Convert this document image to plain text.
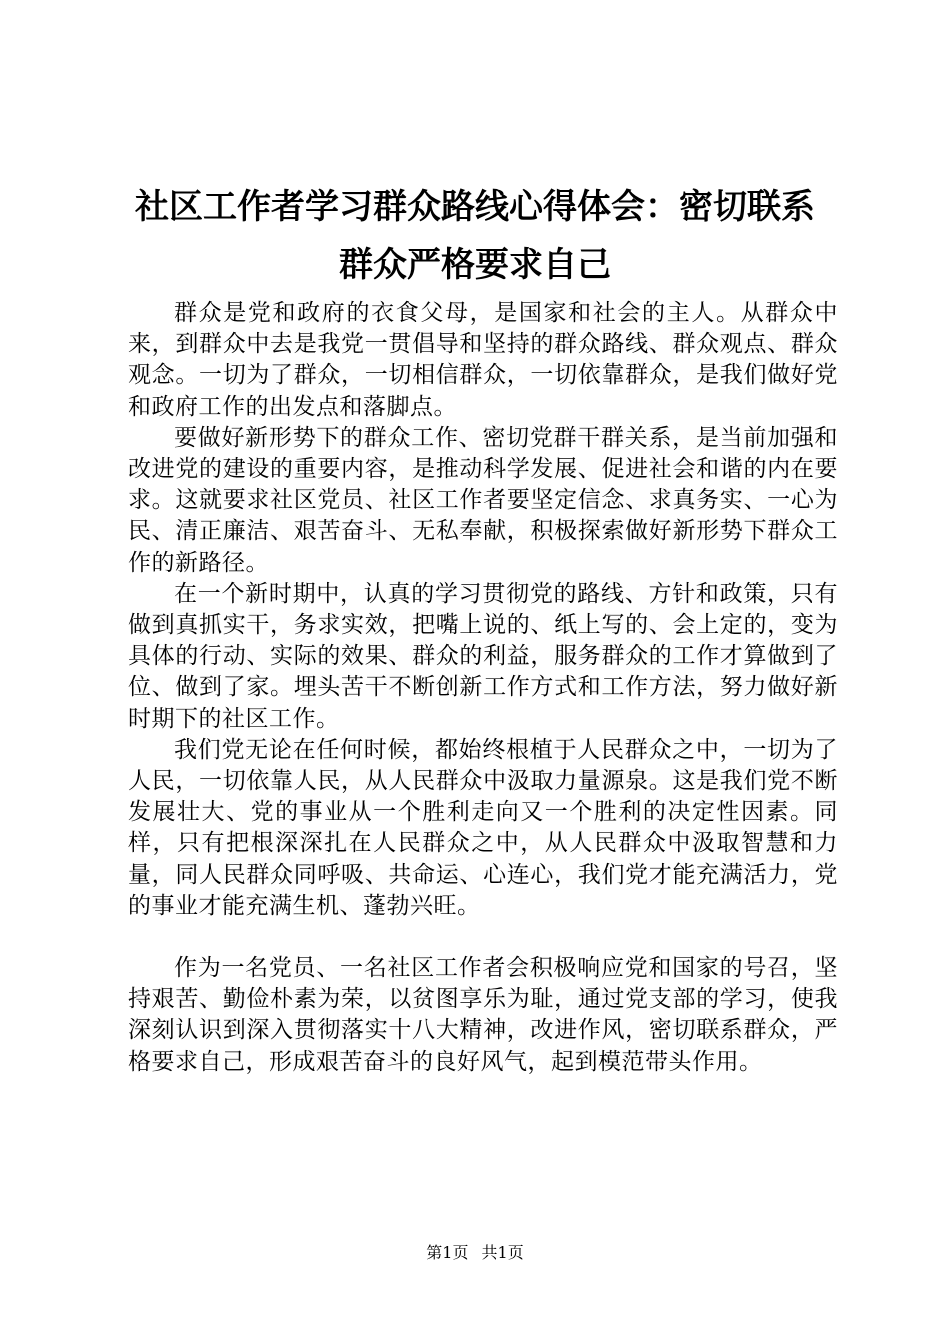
社区工作者学习群众路线心得体会：密切联系
群众严格要求自己

群众是党和政府的衣食父母，是国家和社会的主人。从群众中来，到群众中去是我党一贯倡导和坚持的群众路线、群众观点、群众观念。一切为了群众，一切相信群众，一切依靠群众，是我们做好党和政府工作的出发点和落脚点。

要做好新形势下的群众工作、密切党群干群关系，是当前加强和改进党的建设的重要内容，是推动科学发展、促进社会和谐的内在要求。这就要求社区党员、社区工作者要坚定信念、求真务实、一心为民、清正廉洁、艰苦奋斗、无私奉献，积极探索做好新形势下群众工作的新路径。

在一个新时期中，认真的学习贯彻党的路线、方针和政策，只有做到真抓实干，务求实效，把嘴上说的、纸上写的、会上定的，变为具体的行动、实际的效果、群众的利益，服务群众的工作才算做到了位、做到了家。埋头苦干不断创新工作方式和工作方法，努力做好新时期下的社区工作。

我们党无论在任何时候，都始终根植于人民群众之中，一切为了人民，一切依靠人民，从人民群众中汲取力量源泉。这是我们党不断发展壮大、党的事业从一个胜利走向又一个胜利的决定性因素。同样，只有把根深深扎在人民群众之中，从人民群众中汲取智慧和力量，同人民群众同呼吸、共命运、心连心，我们党才能充满活力，党的事业才能充满生机、蓬勃兴旺。

作为一名党员、一名社区工作者会积极响应党和国家的号召，坚持艰苦、勤俭朴素为荣，以贫图享乐为耻，通过党支部的学习，使我深刻认识到深入贯彻落实十八大精神，改进作风，密切联系群众，严格要求自己，形成艰苦奋斗的良好风气，起到模范带头作用。

第1页 共1页
